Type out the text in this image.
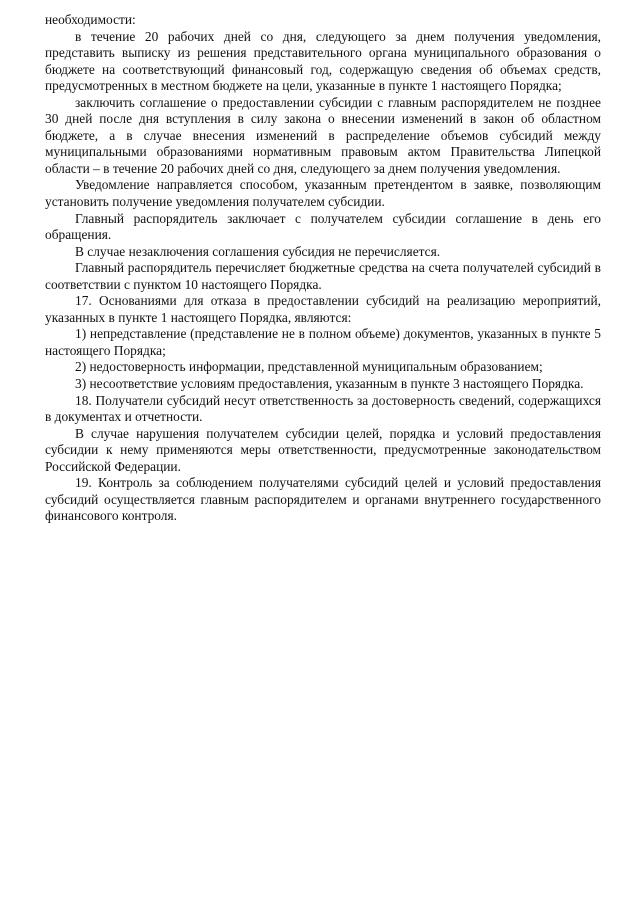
необходимости:

в течение 20 рабочих дней со дня, следующего за днем получения уведомления, представить выписку из решения представительного органа муниципального образования о бюджете на соответствующий финансовый год, содержащую сведения об объемах средств, предусмотренных в местном бюджете на цели, указанные в пункте 1 настоящего Порядка;

заключить соглашение о предоставлении субсидии с главным распорядителем не позднее 30 дней после дня вступления в силу закона о внесении изменений в закон об областном бюджете, а в случае внесения изменений в распределение объемов субсидий между муниципальными образованиями нормативным правовым актом Правительства Липецкой области – в течение 20 рабочих дней со дня, следующего за днем получения уведомления.

Уведомление направляется способом, указанным претендентом в заявке, позволяющим установить получение уведомления получателем субсидии.

Главный распорядитель заключает с получателем субсидии соглашение в день его обращения.

В случае незаключения соглашения субсидия не перечисляется.

Главный распорядитель перечисляет бюджетные средства на счета получателей субсидий в соответствии с пунктом 10 настоящего Порядка.

17. Основаниями для отказа в предоставлении субсидий на реализацию мероприятий, указанных в пункте 1 настоящего Порядка, являются:

1) непредставление (представление не в полном объеме) документов, указанных в пункте 5 настоящего Порядка;

2) недостоверность информации, представленной муниципальным образованием;

3) несоответствие условиям предоставления, указанным в пункте 3 настоящего Порядка.

18. Получатели субсидий несут ответственность за достоверность сведений, содержащихся в документах и отчетности.

В случае нарушения получателем субсидии целей, порядка и условий предоставления субсидии к нему применяются меры ответственности, предусмотренные законодательством Российской Федерации.

19. Контроль за соблюдением получателями субсидий целей и условий предоставления субсидий осуществляется главным распорядителем и органами внутреннего государственного финансового контроля.
